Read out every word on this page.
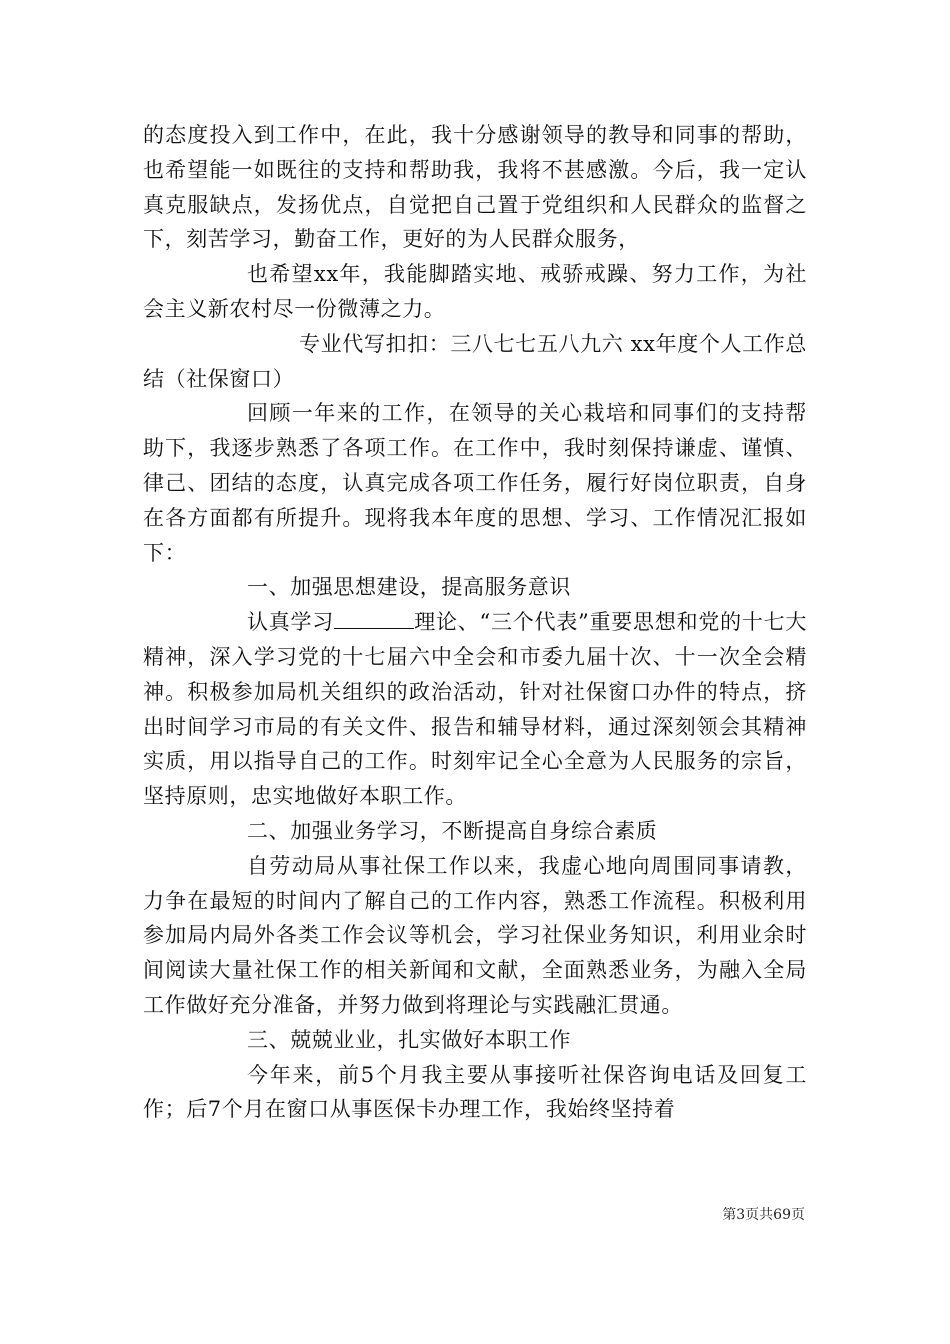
的态度投入到工作中，在此，我十分感谢领导的教导和同事的帮助，也希望能一如既往的支持和帮助我，我将不甚感激。今后，我一定认真克服缺点，发扬优点，自觉把自己置于党组织和人民群众的监督之下，刻苦学习，勤奋工作，更好的为人民群众服务，

也希望xx年，我能脚踏实地、戒骄戒躁、努力工作，为社会主义新农村尽一份微薄之力。

专业代写扣扣：三八七七五八九六 xx年度个人工作总结（社保窗口）

回顾一年来的工作，在领导的关心栽培和同事们的支持帮助下，我逐步熟悉了各项工作。在工作中，我时刻保持谦虚、谨慎、律己、团结的态度，认真完成各项工作任务，履行好岗位职责，自身在各方面都有所提升。现将我本年度的思想、学习、工作情况汇报如下：

一、加强思想建设，提高服务意识

认真学习	理论、“三个代表”重要思想和党的十七大精神，深入学习党的十七届六中全会和市委九届十次、十一次全会精神。积极参加局机关组织的政治活动，针对社保窗口办件的特点，挤出时间学习市局的有关文件、报告和辅导材料，通过深刻领会其精神实质，用以指导自己的工作。时刻牢记全心全意为人民服务的宗旨，坚持原则，忠实地做好本职工作。

二、加强业务学习，不断提高自身综合素质

自劳动局从事社保工作以来，我虚心地向周围同事请教，力争在最短的时间内了解自己的工作内容，熟悉工作流程。积极利用参加局内局外各类工作会议等机会，学习社保业务知识，利用业余时间阅读大量社保工作的相关新闻和文献，全面熟悉业务，为融入全局工作做好充分准备，并努力做到将理论与实践融汇贯通。

三、兢兢业业，扎实做好本职工作

今年来，前5个月我主要从事接听社保咨询电话及回复工作；后7个月在窗口从事医保卡办理工作，我始终坚持着

第3页共69页
